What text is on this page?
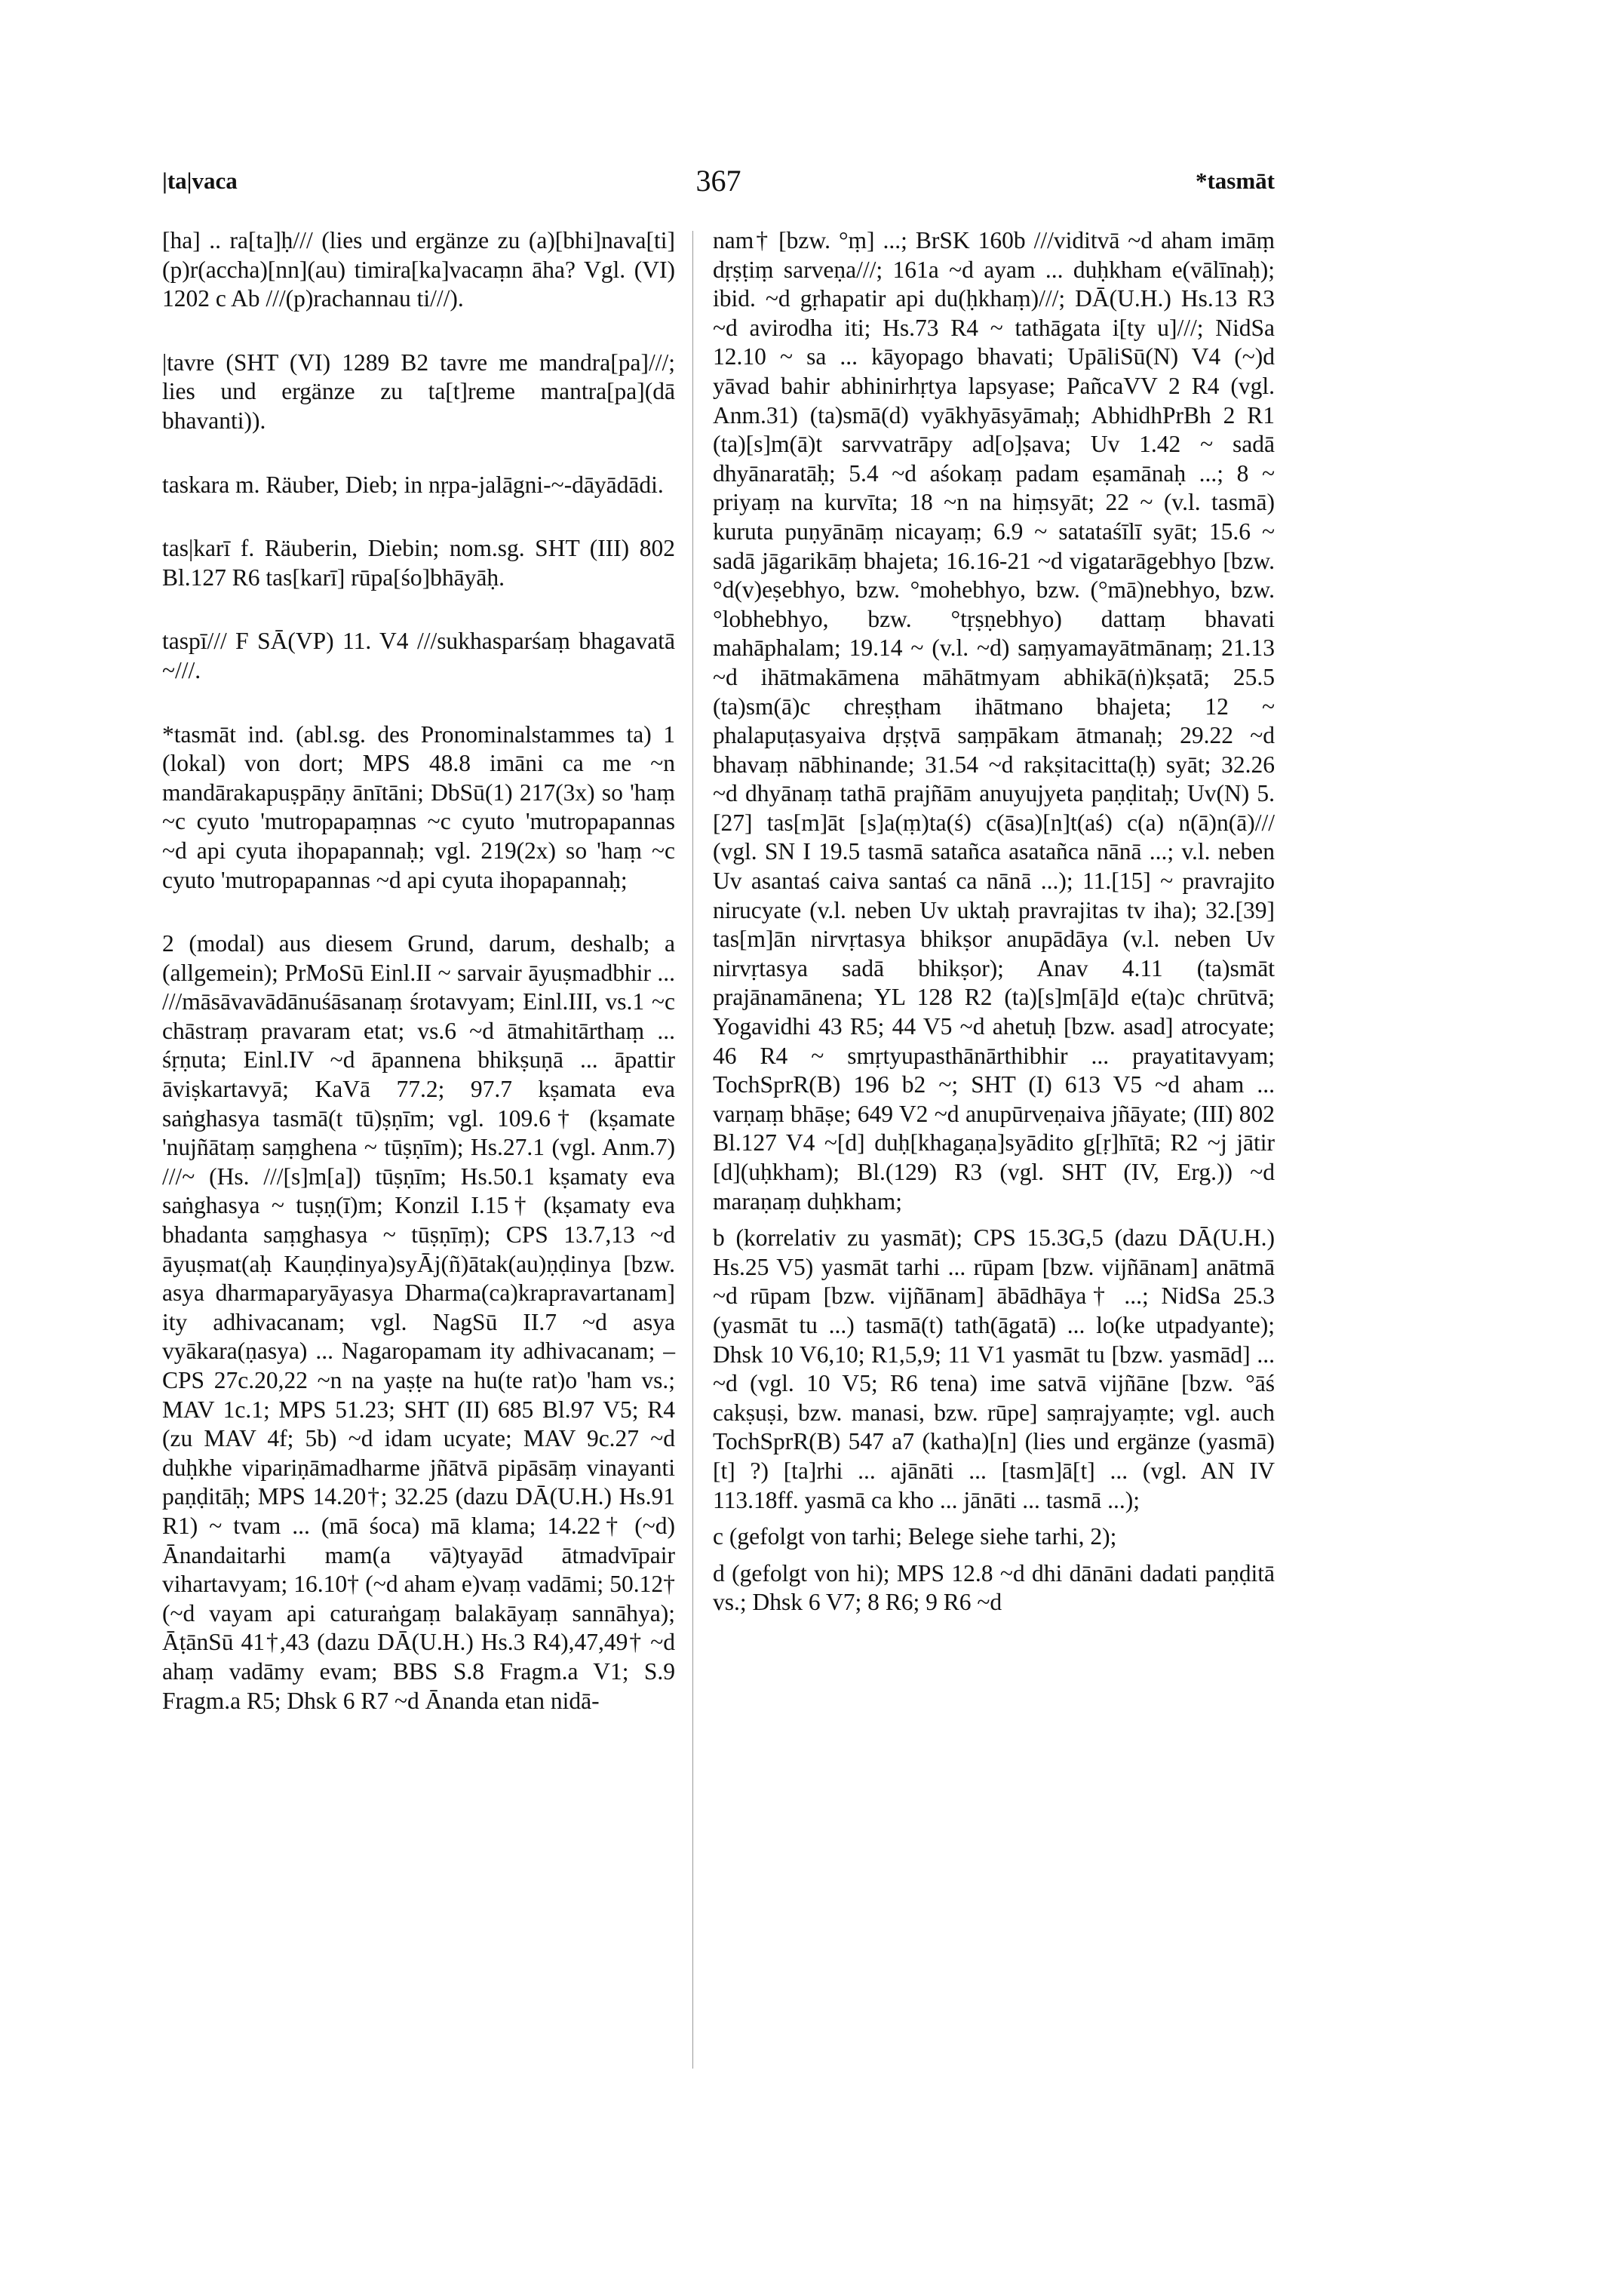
|ta|vaca	367	*tasmāt

[ha] .. ra[ta]ḥ/// (lies und ergänze zu (a)[bhi]nava[ti] (p)r(accha)[nn](au) timira[ka]vacaṃn āha? Vgl. (VI) 1202 c Ab ///(p)rachannau ti///).

|tavre (SHT (VI) 1289 B2 tavre me mandra[pa]///; lies und ergänze zu ta[t]reme mantra[pa](dā bhavanti)).

taskara m. Räuber, Dieb; in nṛpa-jalāgni-~-dāyādādi.

tas|karī f. Räuberin, Diebin; nom.sg. SHT (III) 802 Bl.127 R6 tas[karī] rūpa[śo]bhāyāḥ.

taspī/// F SĀ(VP) 11. V4 ///sukhasparśaṃ bhagavatā ~///.

*tasmāt ind. (abl.sg. des Pronominalstammes ta) 1 (lokal) von dort; MPS 48.8 imāni ca me ~n mandārakapuṣpāṇy ānītāni; DbSū(1) 217(3x) so 'haṃ ~c cyuto 'mutropapaṃnas ~c cyuto 'mutropapannas ~d api cyuta ihopapannaḥ; vgl. 219(2x) so 'haṃ ~c cyuto 'mutropapannas ~d api cyuta ihopapannaḥ;

2 (modal) aus diesem Grund, darum, deshalb; a (allgemein); PrMoSū Einl.II ~ sarvair āyuṣmadbhir ... ///māsāvavādānuśāsanaṃ śrotavyam; Einl.III, vs.1 ~c chāstraṃ pravaram etat; vs.6 ~d ātmahitārthaṃ ... śṛṇuta; Einl.IV ~d āpannena bhikṣuṇā ... āpattir āviṣkartavyā; KaVā 77.2; 97.7 kṣamata eva saṅghasya tasmā(t tū)ṣṇīm; vgl. 109.6† (kṣamate 'nujñātaṃ saṃghena ~ tūṣṇīm); Hs.27.1 (vgl. Anm.7) ///~ (Hs. ///[s]m[a]) tūṣṇīm; Hs.50.1 kṣamaty eva saṅghasya ~ tuṣṇ(ī)m; Konzil I.15† (kṣamaty eva bhadanta saṃghasya ~ tūṣṇīṃ); CPS 13.7,13 ~d āyuṣmat(aḥ Kauṇḍinya)syĀj(ñ)ātak(au)ṇḍinya [bzw. asya dharmaparyāyasya Dharma(ca)krapravartanam] ity adhivacanam; vgl. NagSū II.7 ~d asya vyākara(ṇasya) ... Nagaropamam ity adhivacanam; – CPS 27c.20,22 ~n na yaṣṭe na hu(te rat)o 'ham vs.; MAV 1c.1; MPS 51.23; SHT (II) 685 Bl.97 V5; R4 (zu MAV 4f; 5b) ~d idam ucyate; MAV 9c.27 ~d duḥkhe vipariṇāmadharme jñātvā pipāsāṃ vinayanti paṇḍitāḥ; MPS 14.20†; 32.25 (dazu DĀ(U.H.) Hs.91 R1) ~ tvam ... (mā śoca) mā klama; 14.22† (~d) Ānandaitarhi mam(a vā)tyayād ātmadvīpair vihartavyam; 16.10† (~d aham e)vaṃ vadāmi; 50.12† (~d vayam api caturaṅgaṃ balakāyaṃ sannāhya); ĀṭānSū 41†,43 (dazu DĀ(U.H.) Hs.3 R4),47,49† ~d ahaṃ vadāmy evam; BBS S.8 Fragm.a V1; S.9 Fragm.a R5; Dhsk 6 R7 ~d Ānanda etan nidā-

nam† [bzw. °ṃ] ...; BrSK 160b ///viditvā ~d aham imāṃ dṛṣṭiṃ sarveṇa///; 161a ~d ayam ... duḥkham e(vālīnaḥ); ibid. ~d gṛhapatir api du(ḥkhaṃ)///; DĀ(U.H.) Hs.13 R3 ~d avirodha iti; Hs.73 R4 ~ tathāgata i[ty u]///; NidSa 12.10 ~ sa ... kāyopago bhavati; UpāliSū(N) V4 (~)d yāvad bahir abhinirhṛtya lapsyase; PañcaVV 2 R4 (vgl. Anm.31) (ta)smā(d) vyākhyāsyāmaḥ; AbhidhPrBh 2 R1 (ta)[s]m(ā)t sarvvatrāpy ad[o]ṣava; Uv 1.42 ~ sadā dhyānaratāḥ; 5.4 ~d aśokaṃ padam eṣamānaḥ ...; 8 ~ priyaṃ na kurvīta; 18 ~n na hiṃsyāt; 22 ~ (v.l. tasmā) kuruta puṇyānāṃ nicayaṃ; 6.9 ~ satataśīlī syāt; 15.6 ~ sadā jāgarikāṃ bhajeta; 16.16-21 ~d vigatarāgebhyo [bzw. °d(v)eṣebhyo, bzw. °mohebhyo, bzw. (°mā)nebhyo, bzw. °lobhebhyo, bzw. °tṛṣṇebhyo) dattaṃ bhavati mahāphalam; 19.14 ~ (v.l. ~d) saṃyamayātmānaṃ; 21.13 ~d ihātmakāmena māhātmyam abhikā(ṅ)kṣatā; 25.5 (ta)sm(ā)c chreṣṭham ihātmano bhajeta; 12 ~ phalapuṭasyaiva dṛṣṭvā saṃpākam ātmanaḥ; 29.22 ~d bhavaṃ nābhinande; 31.54 ~d rakṣitacitta(ḥ) syāt; 32.26 ~d dhyānaṃ tathā prajñām anuyujyeta paṇḍitaḥ; Uv(N) 5.[27] tas[m]āt [s]a(ṃ)ta(ś) c(āsa)[n]t(aś) c(a) n(ā)n(ā)/// (vgl. SN I 19.5 tasmā satañca asatañca nānā ...; v.l. neben Uv asantaś caiva santaś ca nānā ...); 11.[15] ~ pravrajito nirucyate (v.l. neben Uv uktaḥ pravrajitas tv iha); 32.[39] tas[m]ān nirvṛtasya bhikṣor anupādāya (v.l. neben Uv nirvṛtasya sadā bhikṣor); Anav 4.11 (ta)smāt prajānamānena; YL 128 R2 (ta)[s]m[ā]d e(ta)c chrūtvā; Yogavidhi 43 R5; 44 V5 ~d ahetuḥ [bzw. asad] atrocyate; 46 R4 ~ smṛtyupasthānārthibhir ... prayatitavyam; TochSprR(B) 196 b2 ~; SHT (I) 613 V5 ~d aham ... varṇaṃ bhāṣe; 649 V2 ~d anupūrveṇaiva jñāyate; (III) 802 Bl.127 V4 ~[d] duḥ[khagaṇa]syādito g[ṛ]hītā; R2 ~j jātir [d](uḥkham); Bl.(129) R3 (vgl. SHT (IV, Erg.)) ~d maraṇaṃ duḥkham;

b (korrelativ zu yasmāt); CPS 15.3G,5 (dazu DĀ(U.H.) Hs.25 V5) yasmāt tarhi ... rūpam [bzw. vijñānam] anātmā ~d rūpam [bzw. vijñānam] ābādhāya† ...; NidSa 25.3 (yasmāt tu ...) tasmā(t) tath(āgatā) ... lo(ke utpadyante); Dhsk 10 V6,10; R1,5,9; 11 V1 yasmāt tu [bzw. yasmād] ... ~d (vgl. 10 V5; R6 tena) ime satvā vijñāne [bzw. °āś cakṣuṣi, bzw. manasi, bzw. rūpe] saṃrajyaṃte; vgl. auch TochSprR(B) 547 a7 (katha)[n] (lies und ergänze (yasmā)[t] ?) [ta]rhi ... ajānāti ... [tasm]ā[t] ... (vgl. AN IV 113.18ff. yasmā ca kho ... jānāti ... tasmā ...);

c (gefolgt von tarhi; Belege siehe tarhi, 2);

d (gefolgt von hi); MPS 12.8 ~d dhi dānāni dadati paṇḍitā vs.; Dhsk 6 V7; 8 R6; 9 R6 ~d
